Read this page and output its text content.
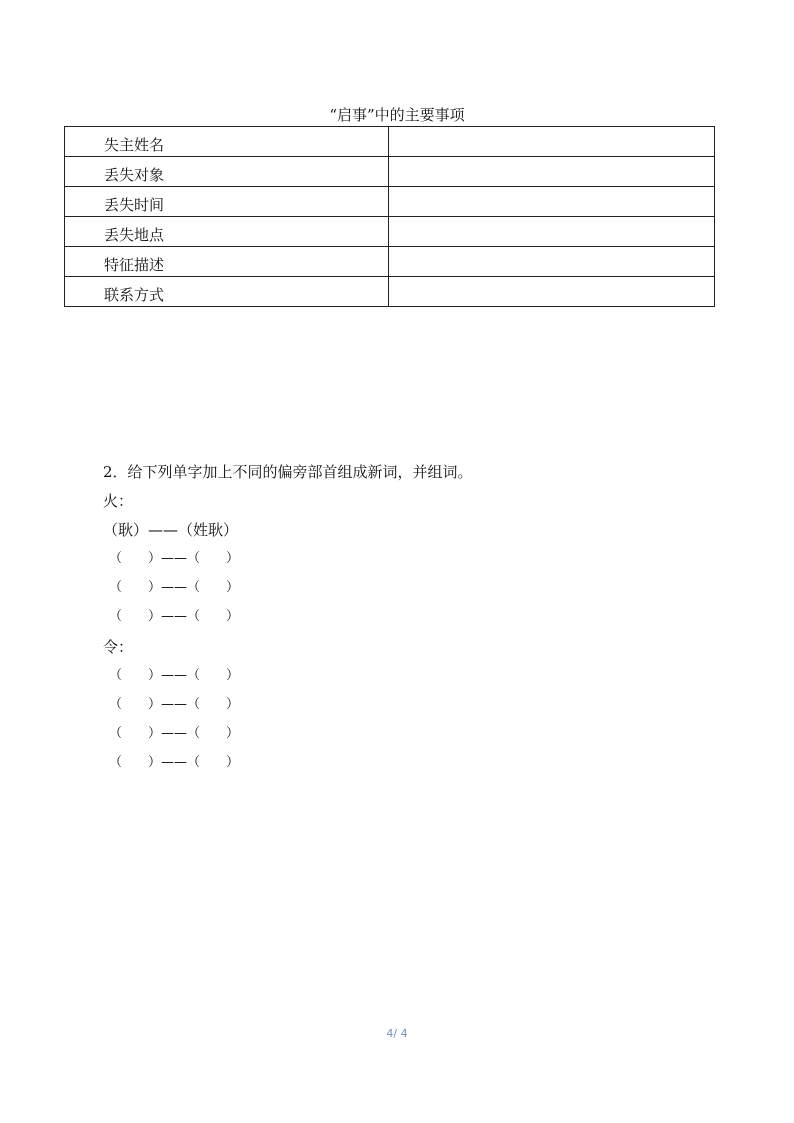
“启事”中的主要事项
失主姓名	
丢失对象	
丢失时间	
丢失地点	
特征描述	
联系方式	
2．给下列单字加上不同的偏旁部首组成新词，并组词。
火：
（耿）——（姓耿）
（　　）——（　　）
（　　）——（　　）
（　　）——（　　）
令：
（　　）——（　　）
（　　）——（　　）
（　　）——（　　）
（　　）——（　　）
4/ 4
